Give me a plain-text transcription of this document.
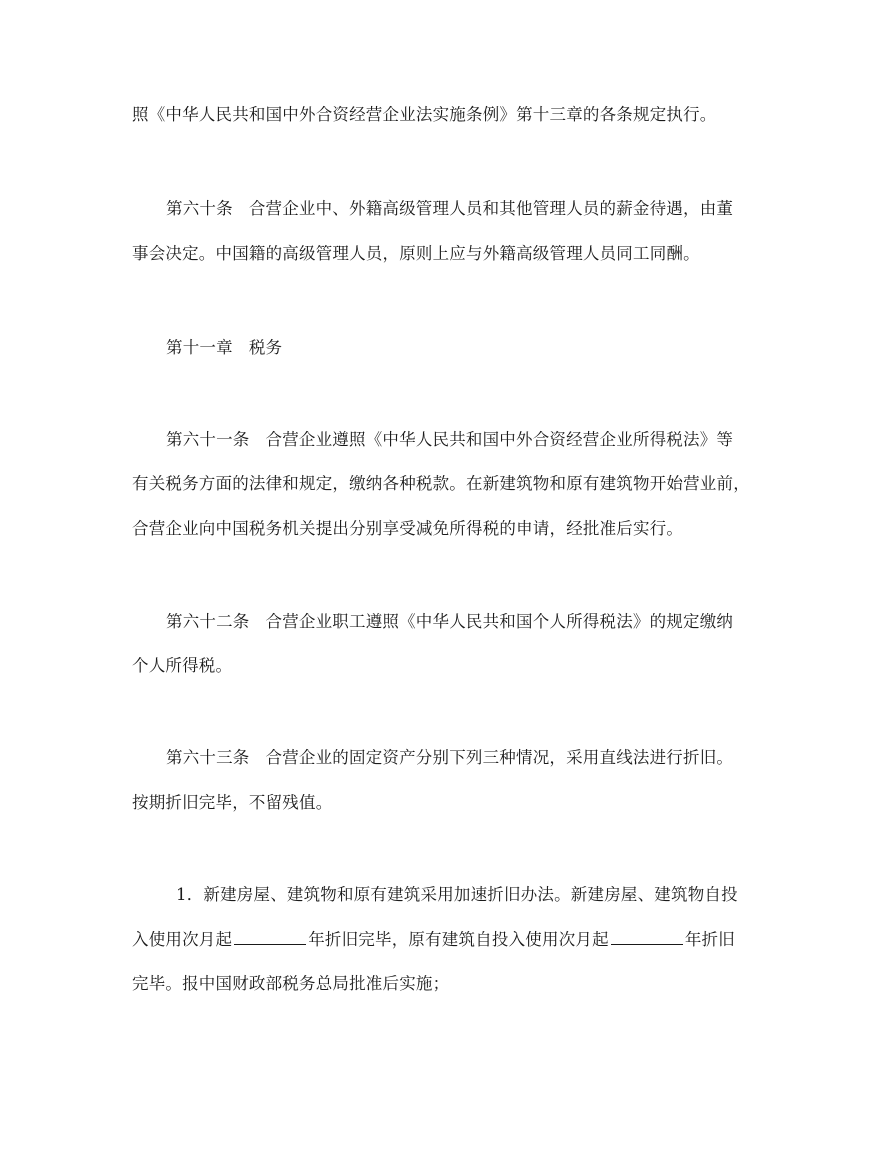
照《中华人民共和国中外合资经营企业法实施条例》第十三章的各条规定执行。
第六十条 合营企业中、外籍高级管理人员和其他管理人员的薪金待遇，由董
事会决定。中国籍的高级管理人员，原则上应与外籍高级管理人员同工同酬。
第十一章 税务
第六十一条 合营企业遵照《中华人民共和国中外合资经营企业所得税法》等
有关税务方面的法律和规定，缴纳各种税款。在新建筑物和原有建筑物开始营业前，
合营企业向中国税务机关提出分别享受减免所得税的申请，经批准后实行。
第六十二条 合营企业职工遵照《中华人民共和国个人所得税法》的规定缴纳
个人所得税。
第六十三条 合营企业的固定资产分别下列三种情况，采用直线法进行折旧。
按期折旧完毕，不留残值。
1．新建房屋、建筑物和原有建筑采用加速折旧办法。新建房屋、建筑物自投
入使用次月起	年折旧完毕，原有建筑自投入使用次月起	年折旧
完毕。报中国财政部税务总局批准后实施；
